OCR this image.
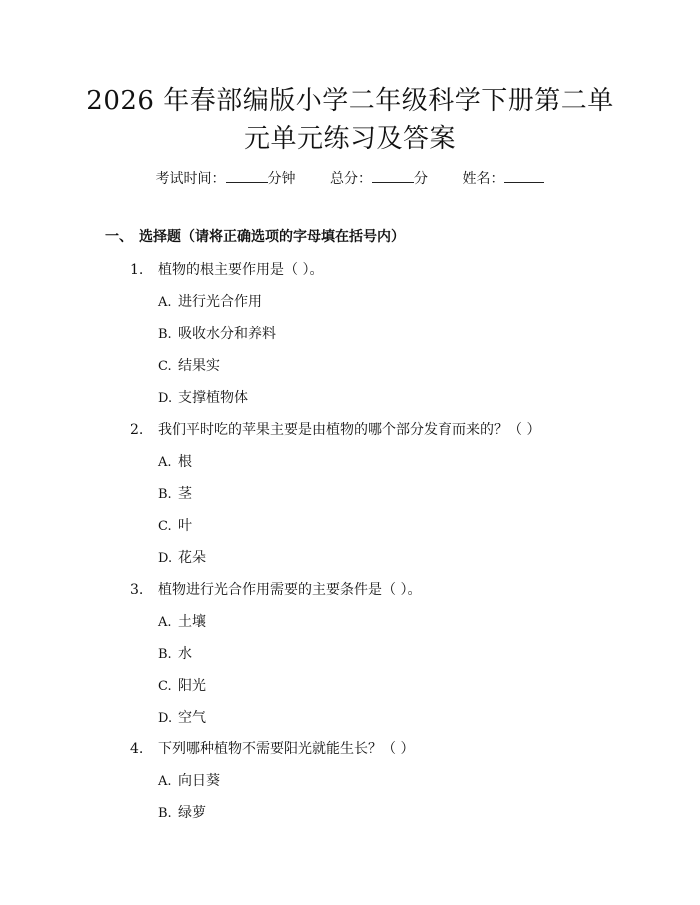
2026 年春部编版小学二年级科学下册第二单
元单元练习及答案
考试时间：	分钟 总分：	分 姓名：
一、 选择题（请将正确选项的字母填在括号内）
1. 植物的根主要作用是（ ）。
A. 进行光合作用
B. 吸收水分和养料
C. 结果实
D. 支撑植物体
2. 我们平时吃的苹果主要是由植物的哪个部分发育而来的？（ ）
A. 根
B. 茎
C. 叶
D. 花朵
3. 植物进行光合作用需要的主要条件是（ ）。
A. 土壤
B. 水
C. 阳光
D. 空气
4. 下列哪种植物不需要阳光就能生长？（ ）
A. 向日葵
B. 绿萝
